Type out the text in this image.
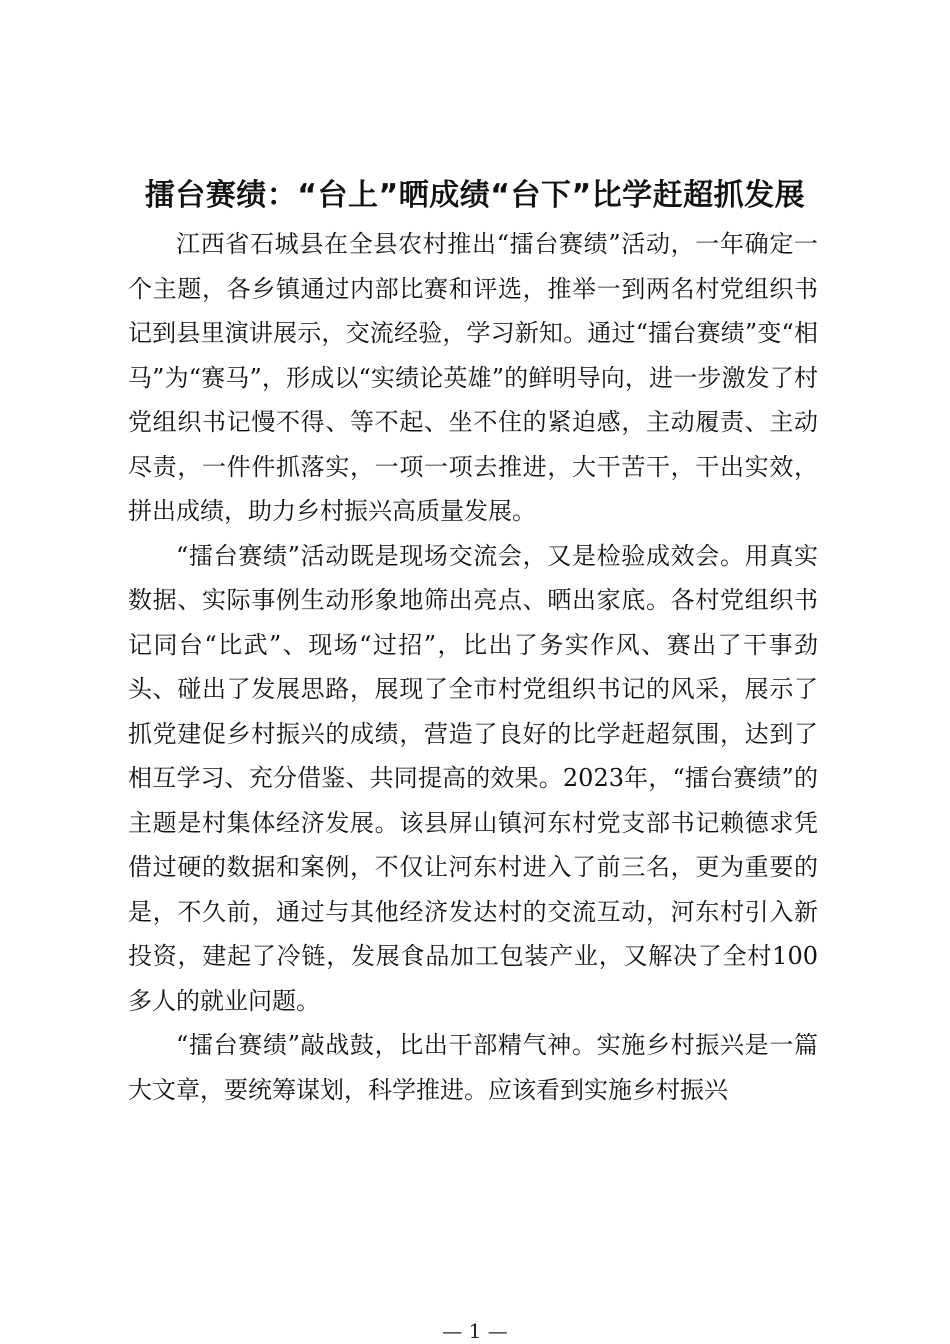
擂台赛绩：“台上”晒成绩“台下”比学赶超抓发展

江西省石城县在全县农村推出“擂台赛绩”活动，一年确定一个主题，各乡镇通过内部比赛和评选，推举一到两名村党组织书记到县里演讲展示，交流经验，学习新知。通过“擂台赛绩”变“相马”为“赛马”，形成以“实绩论英雄”的鲜明导向，进一步激发了村党组织书记慢不得、等不起、坐不住的紧迫感，主动履责、主动尽责，一件件抓落实，一项一项去推进，大干苦干，干出实效，拼出成绩，助力乡村振兴高质量发展。

“擂台赛绩”活动既是现场交流会，又是检验成效会。用真实数据、实际事例生动形象地筛出亮点、晒出家底。各村党组织书记同台“比武”、现场“过招”，比出了务实作风、赛出了干事劲头、碰出了发展思路，展现了全市村党组织书记的风采，展示了抓党建促乡村振兴的成绩，营造了良好的比学赶超氛围，达到了相互学习、充分借鉴、共同提高的效果。2023年，“擂台赛绩”的主题是村集体经济发展。该县屏山镇河东村党支部书记赖德求凭借过硬的数据和案例，不仅让河东村进入了前三名，更为重要的是，不久前，通过与其他经济发达村的交流互动，河东村引入新投资，建起了冷链，发展食品加工包装产业，又解决了全村100多人的就业问题。

“擂台赛绩”敲战鼓，比出干部精气神。实施乡村振兴是一篇大文章，要统筹谋划，科学推进。应该看到实施乡村振兴

— 1 —
